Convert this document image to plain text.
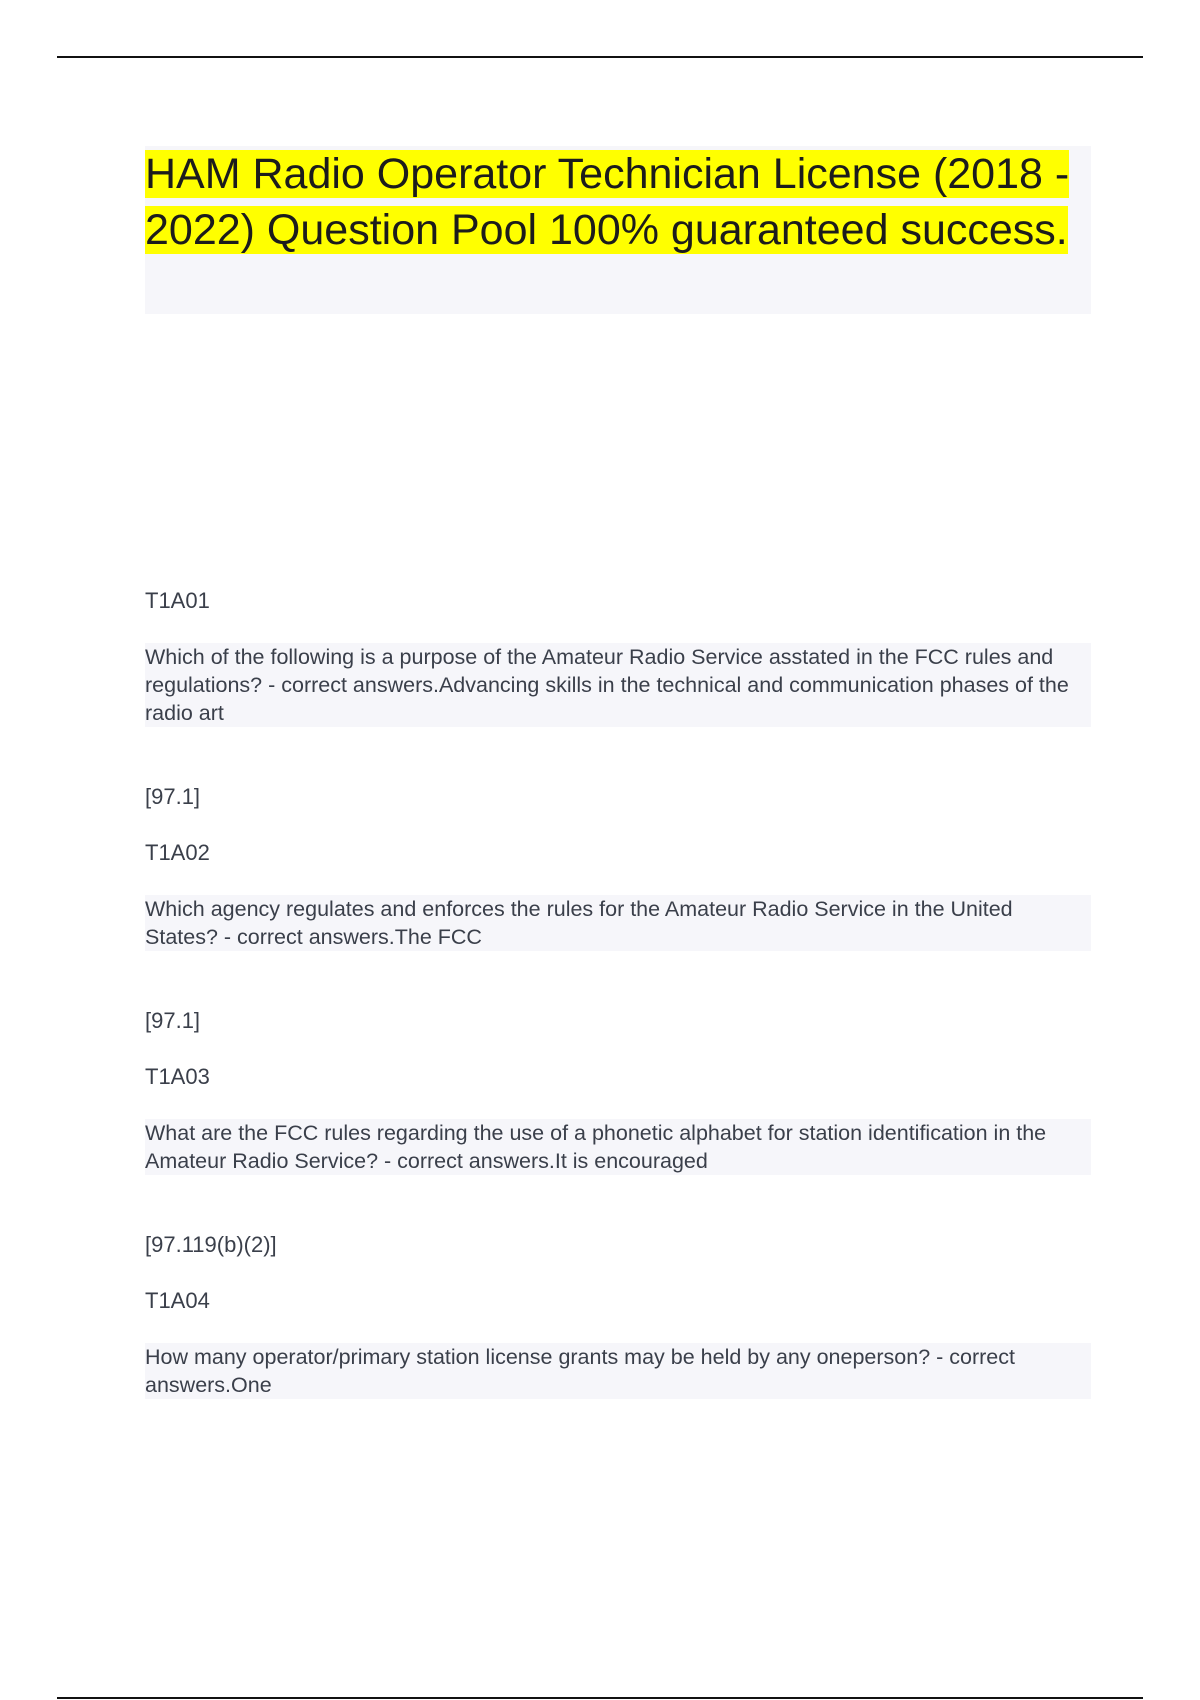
HAM Radio Operator Technician License (2018 - 2022) Question Pool 100% guaranteed success.

T1A01

Which of the following is a purpose of the Amateur Radio Service asstated in the FCC rules and regulations? - correct answers.Advancing skills in the technical and communication phases of the radio art

[97.1]

T1A02

Which agency regulates and enforces the rules for the Amateur Radio Service in the United States? - correct answers.The FCC

[97.1]

T1A03

What are the FCC rules regarding the use of a phonetic alphabet for station identification in the Amateur Radio Service? - correct answers.It is encouraged

[97.119(b)(2)]

T1A04

How many operator/primary station license grants may be held by any oneperson? - correct answers.One
